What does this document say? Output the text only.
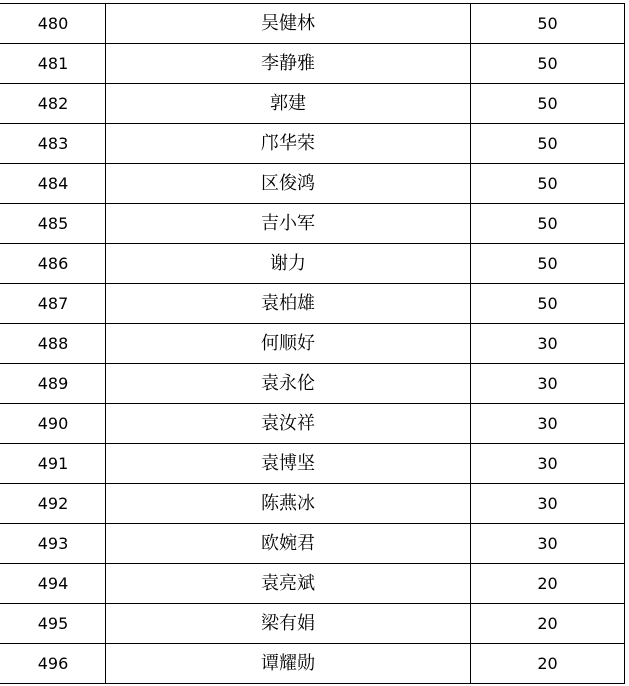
480	吴健林	50
481	李静雅	50
482	郭建	50
483	邝华荣	50
484	区俊鸿	50
485	吉小军	50
486	谢力	50
487	袁柏雄	50
488	何顺好	30
489	袁永伦	30
490	袁汝祥	30
491	袁博坚	30
492	陈燕冰	30
493	欧婉君	30
494	袁亮斌	20
495	梁有娟	20
496	谭耀勋	20
